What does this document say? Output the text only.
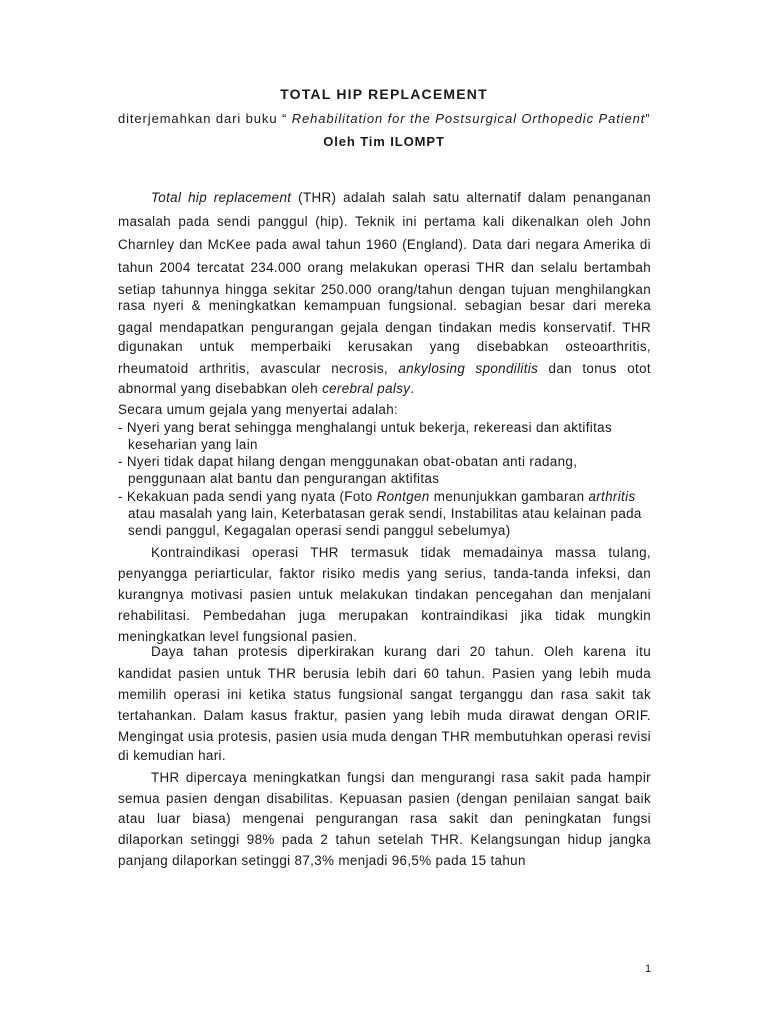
TOTAL HIP REPLACEMENT
diterjemahkan dari buku “ Rehabilitation for the Postsurgical Orthopedic Patient”
Oleh Tim ILOMPT
Total hip replacement (THR) adalah salah satu alternatif dalam penanganan
masalah pada sendi panggul (hip). Teknik ini pertama kali dikenalkan oleh John
Charnley dan McKee pada awal tahun 1960 (England). Data dari negara Amerika di
tahun 2004 tercatat 234.000 orang melakukan operasi THR dan selalu bertambah
setiap tahunnya hingga sekitar 250.000 orang/tahun dengan tujuan menghilangkan
rasa nyeri & meningkatkan kemampuan fungsional. sebagian besar dari mereka
gagal mendapatkan pengurangan gejala dengan tindakan medis konservatif. THR
digunakan untuk memperbaiki kerusakan yang disebabkan osteoarthritis,
rheumatoid arthritis, avascular necrosis, ankylosing spondilitis dan tonus otot
abnormal yang disebabkan oleh cerebral palsy.
Secara umum gejala yang menyertai adalah:
- Nyeri yang berat sehingga menghalangi untuk bekerja, rekereasi dan aktifitas
keseharian yang lain
- Nyeri tidak dapat hilang dengan menggunakan obat-obatan anti radang,
penggunaan alat bantu dan pengurangan aktifitas
- Kekakuan pada sendi yang nyata (Foto Rontgen menunjukkan gambaran arthritis
atau masalah yang lain, Keterbatasan gerak sendi, Instabilitas atau kelainan pada
sendi panggul, Kegagalan operasi sendi panggul sebelumya)
Kontraindikasi operasi THR termasuk tidak memadainya massa tulang,
penyangga periarticular, faktor risiko medis yang serius, tanda-tanda infeksi, dan
kurangnya motivasi pasien untuk melakukan tindakan pencegahan dan menjalani
rehabilitasi. Pembedahan juga merupakan kontraindikasi jika tidak mungkin
meningkatkan level fungsional pasien.
Daya tahan protesis diperkirakan kurang dari 20 tahun. Oleh karena itu
kandidat pasien untuk THR berusia lebih dari 60 tahun. Pasien yang lebih muda
memilih operasi ini ketika status fungsional sangat terganggu dan rasa sakit tak
tertahankan. Dalam kasus fraktur, pasien yang lebih muda dirawat dengan ORIF.
Mengingat usia protesis, pasien usia muda dengan THR membutuhkan operasi revisi
di kemudian hari.
THR dipercaya meningkatkan fungsi dan mengurangi rasa sakit pada hampir
semua pasien dengan disabilitas. Kepuasan pasien (dengan penilaian sangat baik
atau luar biasa) mengenai pengurangan rasa sakit dan peningkatan fungsi
dilaporkan setinggi 98% pada 2 tahun setelah THR. Kelangsungan hidup jangka
panjang dilaporkan setinggi 87,3% menjadi 96,5% pada 15 tahun
1
